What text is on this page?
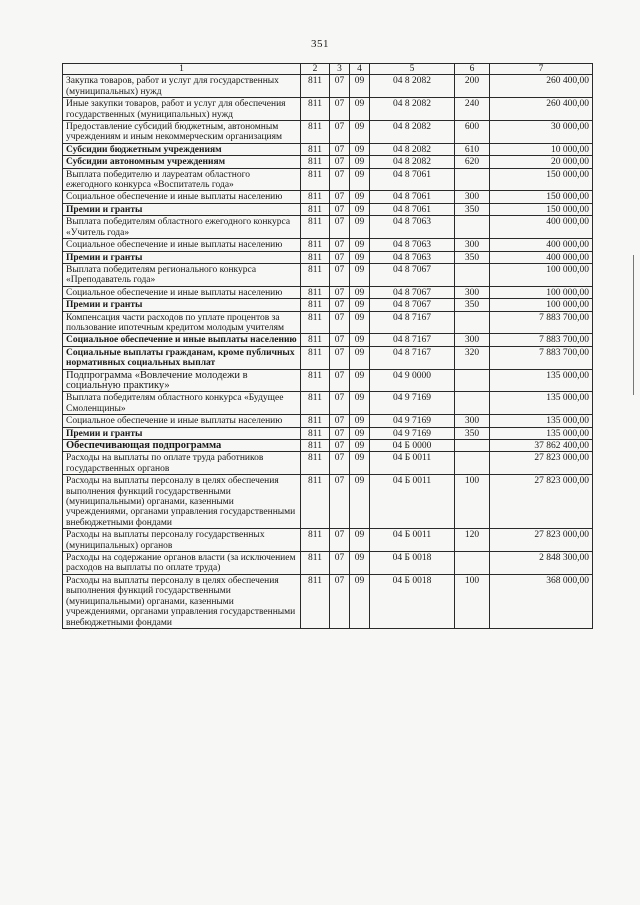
351
1	2	3	4	5	6	7
Закупка товаров, работ и услуг для государственных (муниципальных) нужд	811	07	09	04 8 2082	200	260 400,00
Иные закупки товаров, работ и услуг для обеспечения государственных (муниципальных) нужд	811	07	09	04 8 2082	240	260 400,00
Предоставление субсидий бюджетным, автономным учреждениям и иным некоммерческим организациям	811	07	09	04 8 2082	600	30 000,00
Субсидии бюджетным учреждениям	811	07	09	04 8 2082	610	10 000,00
Субсидии автономным учреждениям	811	07	09	04 8 2082	620	20 000,00
Выплата победителю и лауреатам областного ежегодного конкурса «Воспитатель года»	811	07	09	04 8 7061		150 000,00
Социальное обеспечение и иные выплаты населению	811	07	09	04 8 7061	300	150 000,00
Премии и гранты	811	07	09	04 8 7061	350	150 000,00
Выплата победителям областного ежегодного конкурса «Учитель года»	811	07	09	04 8 7063		400 000,00
Социальное обеспечение и иные выплаты населению	811	07	09	04 8 7063	300	400 000,00
Премии и гранты	811	07	09	04 8 7063	350	400 000,00
Выплата победителям регионального конкурса «Преподаватель года»	811	07	09	04 8 7067		100 000,00
Социальное обеспечение и иные выплаты населению	811	07	09	04 8 7067	300	100 000,00
Премии и гранты	811	07	09	04 8 7067	350	100 000,00
Компенсация части расходов по уплате процентов за пользование ипотечным кредитом молодым учителям	811	07	09	04 8 7167		7 883 700,00
Социальное обеспечение и иные выплаты населению	811	07	09	04 8 7167	300	7 883 700,00
Социальные выплаты гражданам, кроме публичных нормативных социальных выплат	811	07	09	04 8 7167	320	7 883 700,00
Подпрограмма «Вовлечение молодежи в социальную практику»	811	07	09	04 9 0000		135 000,00
Выплата победителям областного конкурса «Будущее Смоленщины»	811	07	09	04 9 7169		135 000,00
Социальное обеспечение и иные выплаты населению	811	07	09	04 9 7169	300	135 000,00
Премии и гранты	811	07	09	04 9 7169	350	135 000,00
Обеспечивающая подпрограмма	811	07	09	04 Б 0000		37 862 400,00
Расходы на выплаты по оплате труда работников государственных органов	811	07	09	04 Б 0011		27 823 000,00
Расходы на выплаты персоналу в целях обеспечения выполнения функций государственными (муниципальными) органами, казенными учреждениями, органами управления государственными внебюджетными фондами	811	07	09	04 Б 0011	100	27 823 000,00
Расходы на выплаты персоналу государственных (муниципальных) органов	811	07	09	04 Б 0011	120	27 823 000,00
Расходы на содержание органов власти (за исключением расходов на выплаты по оплате труда)	811	07	09	04 Б 0018		2 848 300,00
Расходы на выплаты персоналу в целях обеспечения выполнения функций государственными (муниципальными) органами, казенными учреждениями, органами управления государственными внебюджетными фондами	811	07	09	04 Б 0018	100	368 000,00
